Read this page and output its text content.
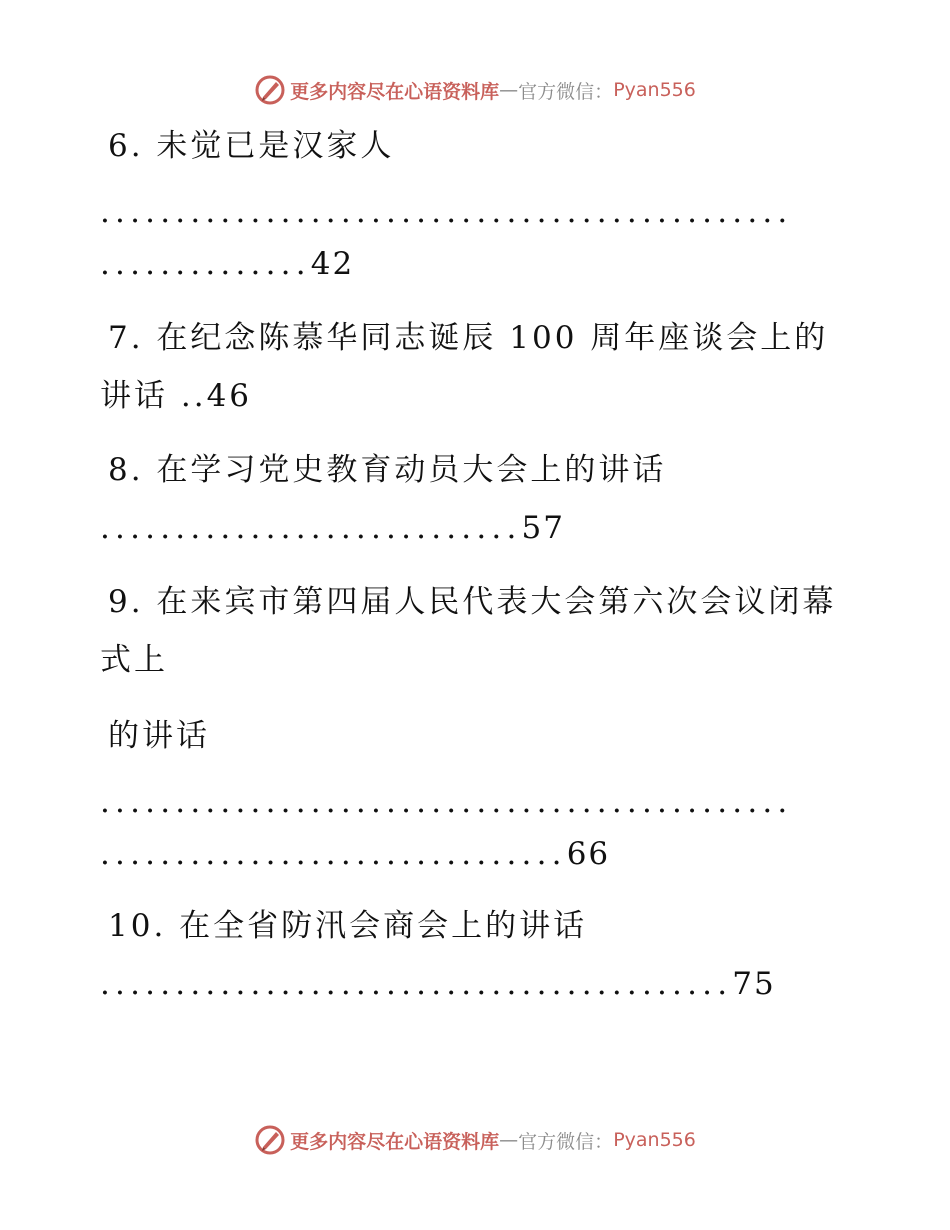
更多内容尽在心语资料库 — 官方微信： Pyan556
6. 未觉已是汉家人
..............................................
..............42
7. 在纪念陈慕华同志诞辰 100 周年座谈会上的
讲话 ..46
8. 在学习党史教育动员大会上的讲话
............................57
9. 在来宾市第四届人民代表大会第六次会议闭幕
式上
的讲话
..............................................
...............................66
10. 在全省防汛会商会上的讲话
..........................................75
更多内容尽在心语资料库 — 官方微信： Pyan556
